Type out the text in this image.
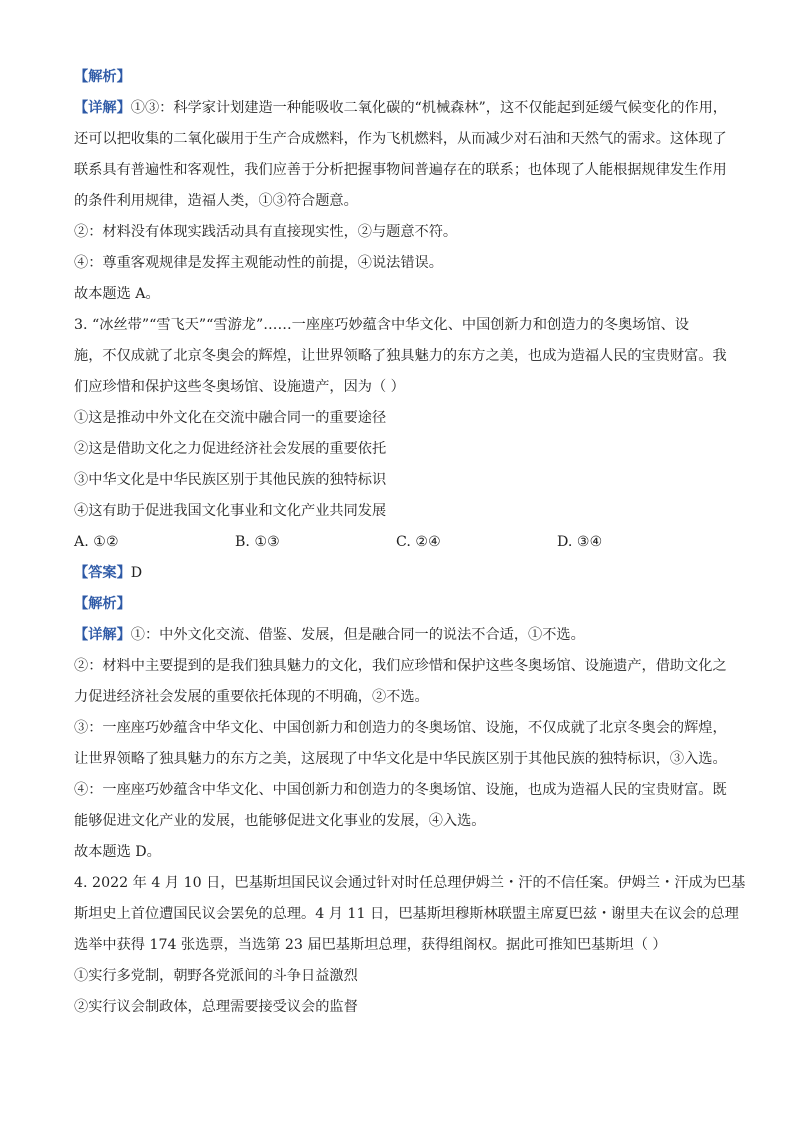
【解析】
【详解】①③：科学家计划建造一种能吸收二氧化碳的“机械森林”，这不仅能起到延缓气候变化的作用，
还可以把收集的二氧化碳用于生产合成燃料，作为飞机燃料，从而减少对石油和天然气的需求。这体现了
联系具有普遍性和客观性，我们应善于分析把握事物间普遍存在的联系；也体现了人能根据规律发生作用
的条件利用规律，造福人类，①③符合题意。
②：材料没有体现实践活动具有直接现实性，②与题意不符。
④：尊重客观规律是发挥主观能动性的前提，④说法错误。
故本题选 A。
3. “冰丝带”“雪飞天”“雪游龙”……一座座巧妙蕴含中华文化、中国创新力和创造力的冬奥场馆、设
施，不仅成就了北京冬奥会的辉煌，让世界领略了独具魅力的东方之美，也成为造福人民的宝贵财富。我
们应珍惜和保护这些冬奥场馆、设施遗产，因为（ ）
①这是推动中外文化在交流中融合同一的重要途径
②这是借助文化之力促进经济社会发展的重要依托
③中华文化是中华民族区别于其他民族的独特标识
④这有助于促进我国文化事业和文化产业共同发展
A. ①②	B. ①③	C. ②④	D. ③④
【答案】D
【解析】
【详解】①：中外文化交流、借鉴、发展，但是融合同一的说法不合适，①不选。
②：材料中主要提到的是我们独具魅力的文化，我们应珍惜和保护这些冬奥场馆、设施遗产，借助文化之
力促进经济社会发展的重要依托体现的不明确，②不选。
③：一座座巧妙蕴含中华文化、中国创新力和创造力的冬奥场馆、设施，不仅成就了北京冬奥会的辉煌，
让世界领略了独具魅力的东方之美，这展现了中华文化是中华民族区别于其他民族的独特标识，③入选。
④：一座座巧妙蕴含中华文化、中国创新力和创造力的冬奥场馆、设施，也成为造福人民的宝贵财富。既
能够促进文化产业的发展，也能够促进文化事业的发展，④入选。
故本题选 D。
4. 2022 年 4 月 10 日，巴基斯坦国民议会通过针对时任总理伊姆兰・汗的不信任案。伊姆兰・汗成为巴基
斯坦史上首位遭国民议会罢免的总理。4 月 11 日，巴基斯坦穆斯林联盟主席夏巴兹・谢里夫在议会的总理
选举中获得 174 张选票，当选第 23 届巴基斯坦总理，获得组阁权。据此可推知巴基斯坦（ ）
①实行多党制，朝野各党派间的斗争日益激烈
②实行议会制政体，总理需要接受议会的监督
